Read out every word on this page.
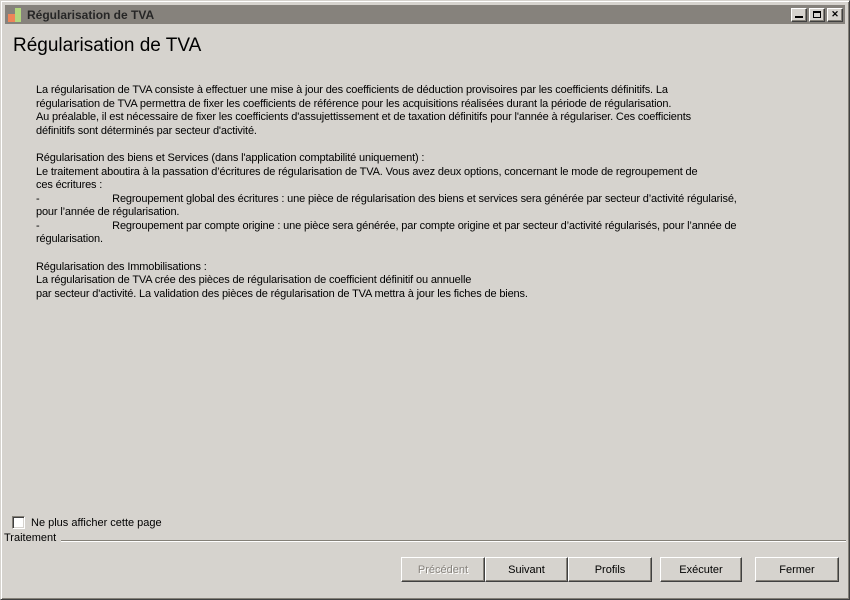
Régularisation de TVA	✕
Régularisation de TVA
La régularisation de TVA consiste à effectuer une mise à jour des coefficients de déduction provisoires par les coefficients définitifs. La
régularisation de TVA permettra de fixer les coefficients de référence pour les acquisitions réalisées durant la période de régularisation.
Au préalable, il est nécessaire de fixer les coefficients d'assujettissement et de taxation définitifs pour l'année à régulariser. Ces coefficients
définitifs sont déterminés par secteur d'activité.
Régularisation des biens et Services (dans l'application comptabilité uniquement) :
Le traitement aboutira à la passation d’écritures de régularisation de TVA. Vous avez deux options, concernant le mode de regroupement de
ces écritures :
-                         Regroupement global des écritures : une pièce de régularisation des biens et services sera générée par secteur d’activité régularisé,
pour l’année de régularisation.
-                         Regroupement par compte origine : une pièce sera générée, par compte origine et par secteur d’activité régularisés, pour l’année de
régularisation.
Régularisation des Immobilisations :
La régularisation de TVA crée des pièces de régularisation de coefficient définitif ou annuelle
par secteur d'activité. La validation des pièces de régularisation de TVA mettra à jour les fiches de biens.
Ne plus afficher cette page
Traitement
Précédent	Suivant	Profils	Exécuter	Fermer
